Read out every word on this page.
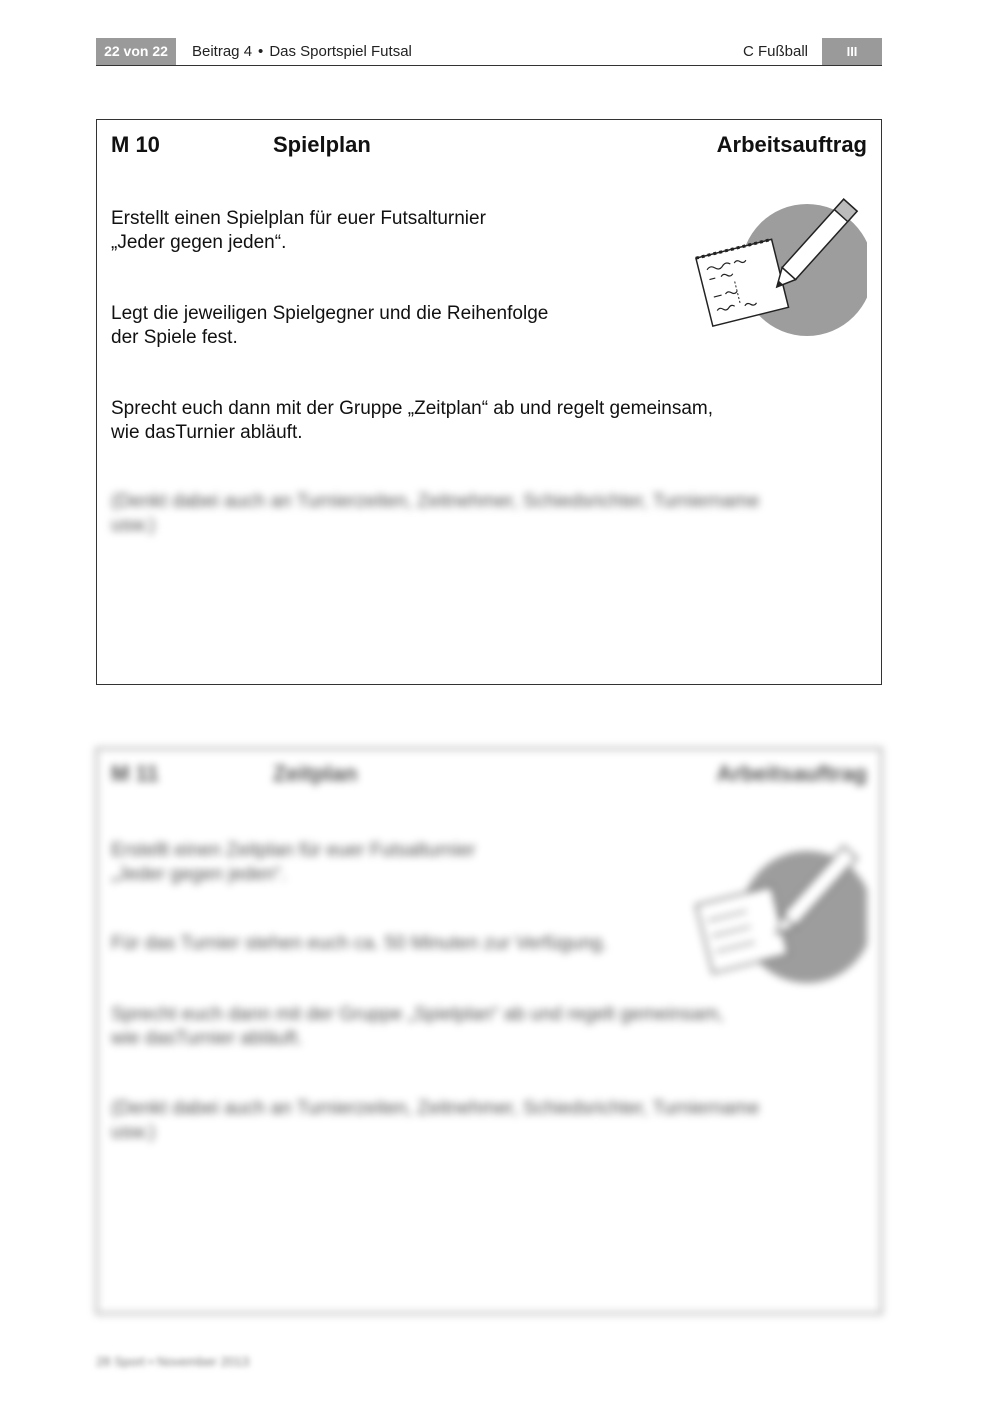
22 von 22	Beitrag 4 • Das Sportspiel Futsal	C Fußball	III
M 10	Spielplan	Arbeitsauftrag

Erstellt einen Spielplan für euer Futsalturnier
„Jeder gegen jeden“.

Legt die jeweiligen Spielgegner und die Reihenfolge
der Spiele fest.

Sprecht euch dann mit der Gruppe „Zeitplan“ ab und regelt gemeinsam,
wie dasTurnier abläuft.

(Denkt dabei auch an Turnierzeiten, Zeitnehmer, Schiedsrichter, Turniername
usw.)

M 11	Zeitplan	Arbeitsauftrag

Erstellt einen Zeitplan für euer Futsalturnier
„Jeder gegen jeden“.

Für das Turnier stehen euch ca. 50 Minuten zur Verfügung.

Sprecht euch dann mit der Gruppe „Spielplan“ ab und regelt gemeinsam,
wie dasTurnier abläuft.

(Denkt dabei auch an Turnierzeiten, Zeitnehmer, Schiedsrichter, Turniername
usw.)

28 Sport • November 2013
